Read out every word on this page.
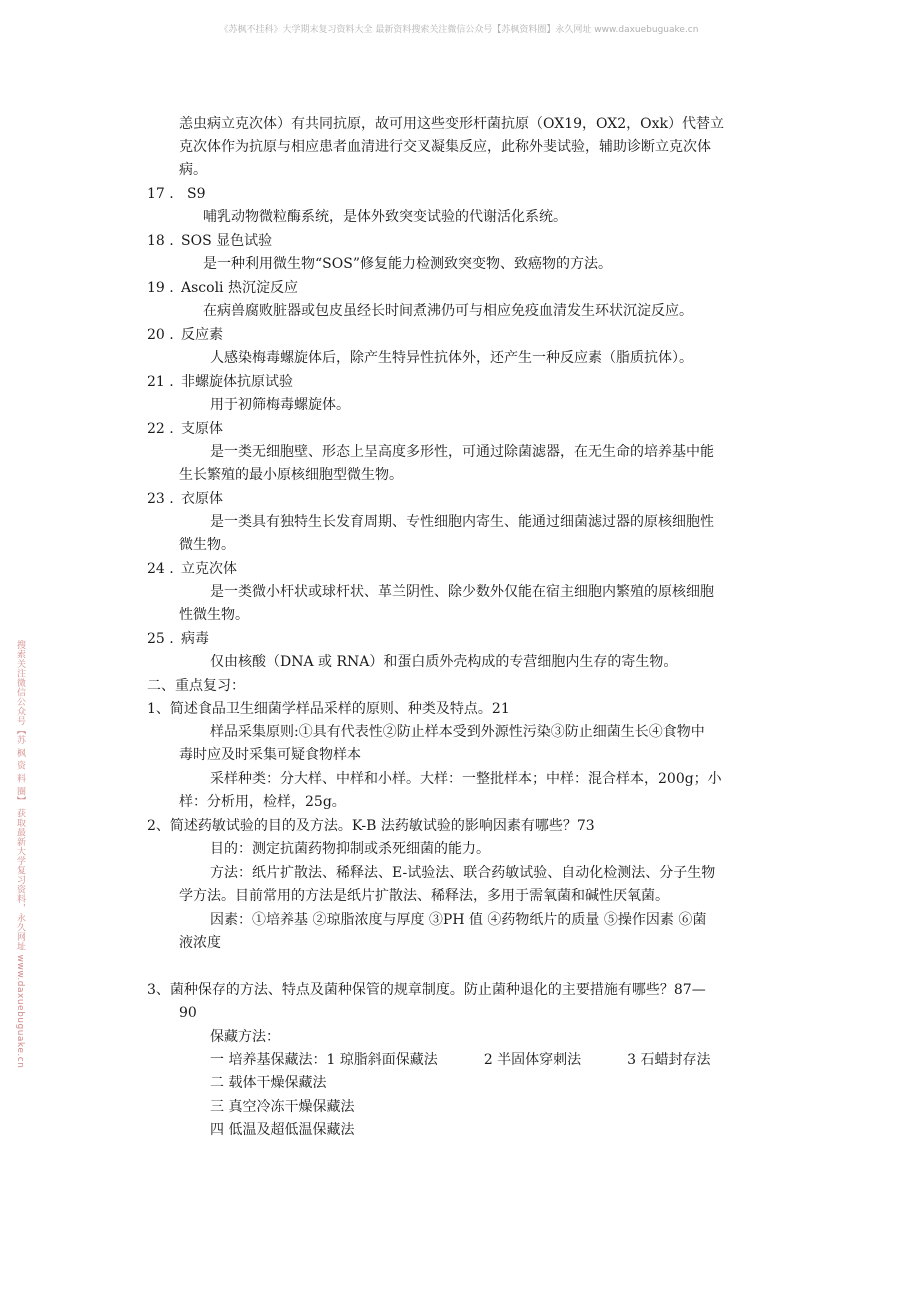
《苏枫不挂科》大学期末复习资料大全 最新资料搜索关注微信公众号【苏枫资料圈】永久网址 www.daxuebuguake.cn
搜索关注微信公众号【苏 枫 资 料 圈】 获取最新大学复习资料，永久网址 www.daxuebuguake.cn
恙虫病立克次体）有共同抗原，故可用这些变形杆菌抗原（OX19，OX2，Oxk）代替立
克次体作为抗原与相应患者血清进行交叉凝集反应，此称外斐试验，辅助诊断立克次体
病。
17 . S9
哺乳动物微粒酶系统，是体外致突变试验的代谢活化系统。
18 . SOS 显色试验
是一种利用微生物“SOS”修复能力检测致突变物、致癌物的方法。
19 . Ascoli 热沉淀反应
在病兽腐败脏器或包皮虽经长时间煮沸仍可与相应免疫血清发生环状沉淀反应。
20 . 反应素
人感染梅毒螺旋体后，除产生特异性抗体外，还产生一种反应素（脂质抗体）。
21 . 非螺旋体抗原试验
用于初筛梅毒螺旋体。
22 . 支原体
是一类无细胞壁、形态上呈高度多形性，可通过除菌滤器，在无生命的培养基中能
生长繁殖的最小原核细胞型微生物。
23 . 衣原体
是一类具有独特生长发育周期、专性细胞内寄生、能通过细菌滤过器的原核细胞性
微生物。
24 . 立克次体
是一类微小杆状或球杆状、革兰阴性、除少数外仅能在宿主细胞内繁殖的原核细胞
性微生物。
25 . 病毒
仅由核酸（DNA 或 RNA）和蛋白质外壳构成的专营细胞内生存的寄生物。
二、重点复习：
1、简述食品卫生细菌学样品采样的原则、种类及特点。21
样品采集原则:①具有代表性②防止样本受到外源性污染③防止细菌生长④食物中
毒时应及时采集可疑食物样本
采样种类：分大样、中样和小样。大样：一整批样本；中样：混合样本，200g；小
样：分析用，检样，25g。
2、简述药敏试验的目的及方法。K-B 法药敏试验的影响因素有哪些？73
目的：测定抗菌药物抑制或杀死细菌的能力。
方法：纸片扩散法、稀释法、E-试验法、联合药敏试验、自动化检测法、分子生物
学方法。目前常用的方法是纸片扩散法、稀释法，多用于需氧菌和碱性厌氧菌。
因素：①培养基 ②琼脂浓度与厚度 ③PH 值 ④药物纸片的质量 ⑤操作因素 ⑥菌
液浓度
3、菌种保存的方法、特点及菌种保管的规章制度。防止菌种退化的主要措施有哪些？87—
90
保藏方法：
一 培养基保藏法：1 琼脂斜面保藏法	2 半固体穿刺法	3 石蜡封存法
二 载体干燥保藏法
三 真空冷冻干燥保藏法
四 低温及超低温保藏法
